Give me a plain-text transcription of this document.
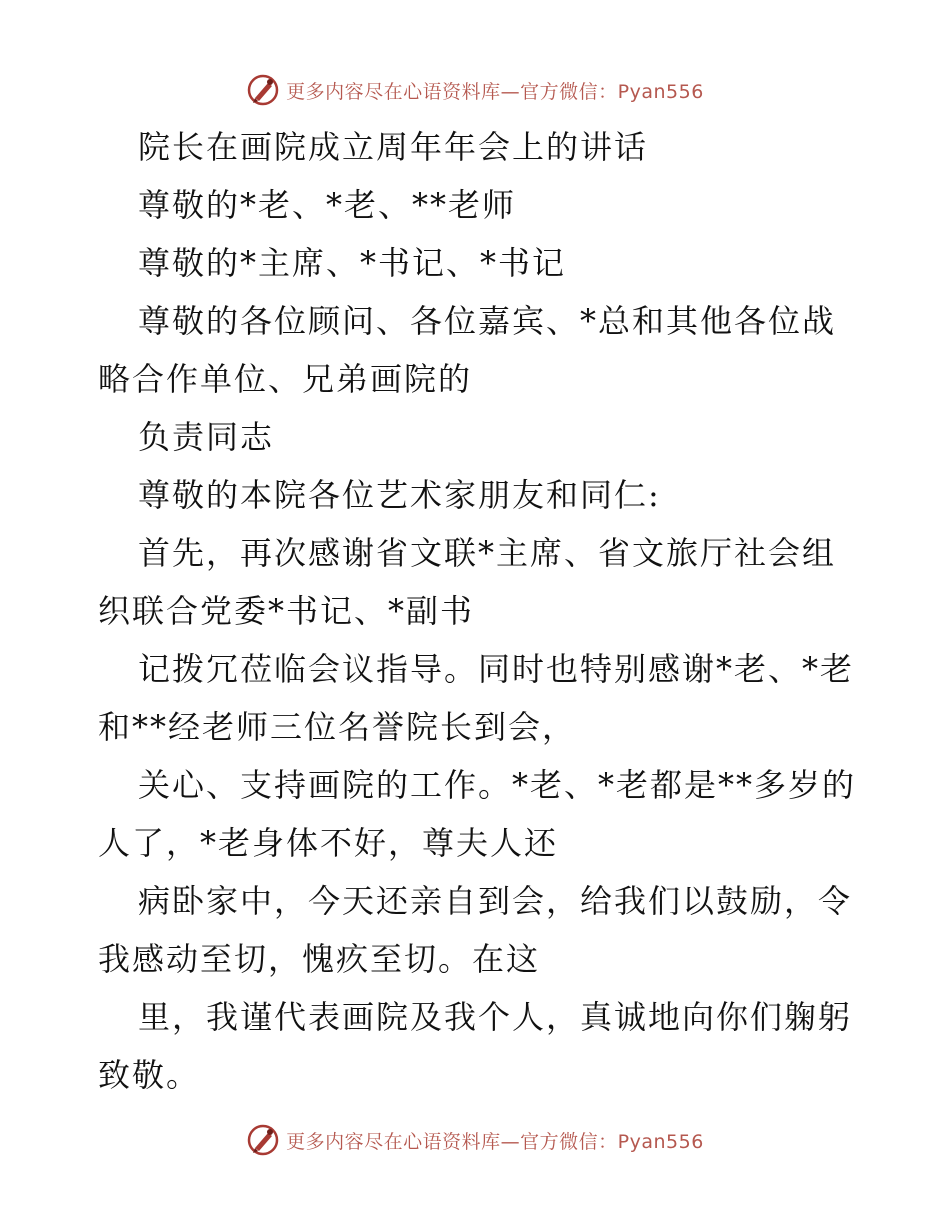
更多内容尽在心语资料库—官方微信：Pyan556

院长在画院成立周年年会上的讲话

尊敬的*老、*老、**老师

尊敬的*主席、*书记、*书记

尊敬的各位顾问、各位嘉宾、*总和其他各位战略合作单位、兄弟画院的

负责同志

尊敬的本院各位艺术家朋友和同仁:

首先，再次感谢省文联*主席、省文旅厅社会组织联合党委*书记、*副书

记拨冗莅临会议指导。同时也特别感谢*老、*老和**经老师三位名誉院长到会，

关心、支持画院的工作。*老、*老都是**多岁的人了，*老身体不好，尊夫人还

病卧家中，今天还亲自到会，给我们以鼓励，令我感动至切，愧疚至切。在这

里，我谨代表画院及我个人，真诚地向你们躹躬致敬。

更多内容尽在心语资料库—官方微信：Pyan556
